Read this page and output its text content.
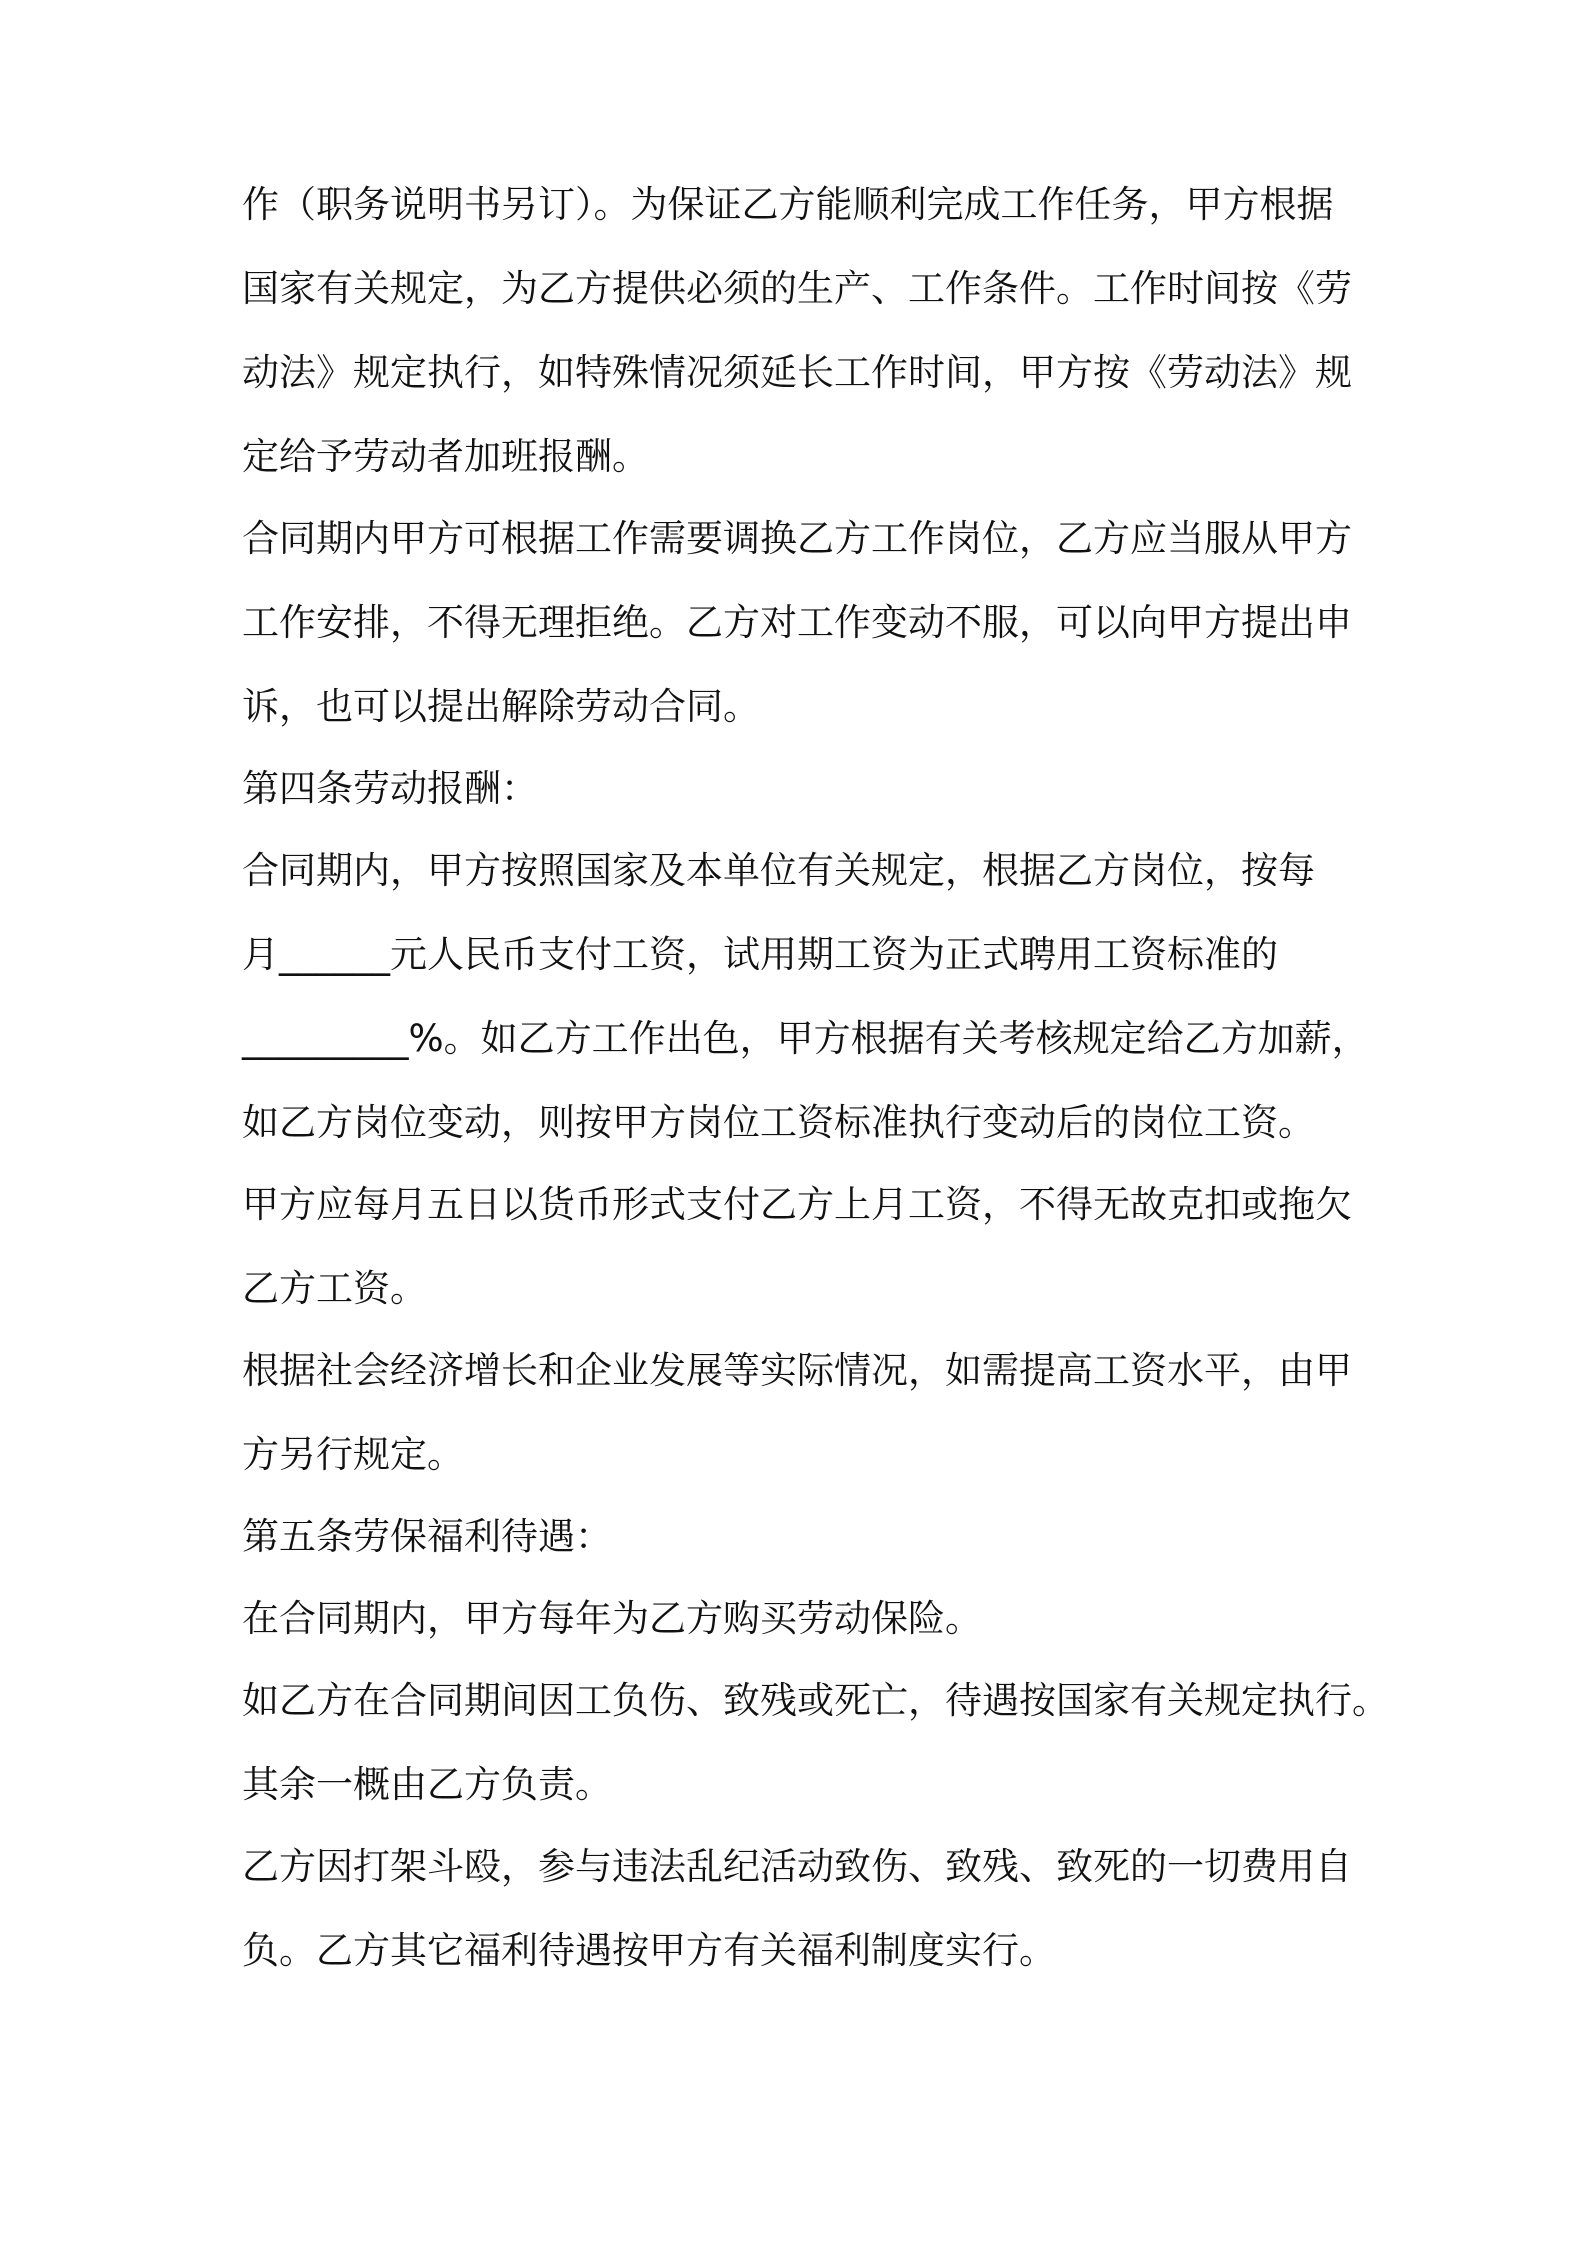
作（职务说明书另订）。为保证乙方能顺利完成工作任务，甲方根据

国家有关规定，为乙方提供必须的生产、工作条件。工作时间按《劳

动法》规定执行，如特殊情况须延长工作时间，甲方按《劳动法》规

定给予劳动者加班报酬。

合同期内甲方可根据工作需要调换乙方工作岗位，乙方应当服从甲方

工作安排，不得无理拒绝。乙方对工作变动不服，可以向甲方提出申

诉，也可以提出解除劳动合同。

第四条劳动报酬：

合同期内，甲方按照国家及本单位有关规定，根据乙方岗位，按每

月______元人民币支付工资，试用期工资为正式聘用工资标准的

_________%。如乙方工作出色，甲方根据有关考核规定给乙方加薪，

如乙方岗位变动，则按甲方岗位工资标准执行变动后的岗位工资。

甲方应每月五日以货币形式支付乙方上月工资，不得无故克扣或拖欠

乙方工资。

根据社会经济增长和企业发展等实际情况，如需提高工资水平，由甲

方另行规定。

第五条劳保福利待遇：

在合同期内，甲方每年为乙方购买劳动保险。

如乙方在合同期间因工负伤、致残或死亡，待遇按国家有关规定执行。

其余一概由乙方负责。

乙方因打架斗殴，参与违法乱纪活动致伤、致残、致死的一切费用自

负。乙方其它福利待遇按甲方有关福利制度实行。
